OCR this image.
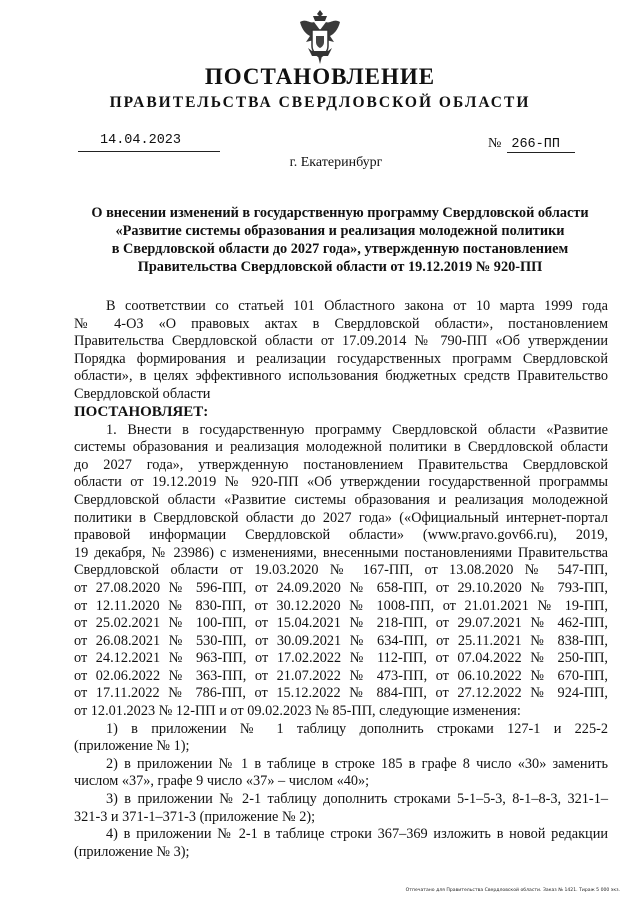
ПОСТАНОВЛЕНИЕ
ПРАВИТЕЛЬСТВА СВЕРДЛОВСКОЙ ОБЛАСТИ
14.04.2023	№ 266-ПП
г. Екатеринбург
О внесении изменений в государственную программу Свердловской области
«Развитие системы образования и реализация молодежной политики
в Свердловской области до 2027 года», утвержденную постановлением
Правительства Свердловской области от 19.12.2019 № 920-ПП
В соответствии со статьей 101 Областного закона от 10 марта 1999 года
№ 4-ОЗ «О правовых актах в Свердловской области», постановлением
Правительства Свердловской области от 17.09.2014 № 790-ПП «Об утверждении
Порядка формирования и реализации государственных программ Свердловской
области», в целях эффективного использования бюджетных средств Правительство
Свердловской области
ПОСТАНОВЛЯЕТ:
1. Внести в государственную программу Свердловской области «Развитие
системы образования и реализация молодежной политики в Свердловской области
до 2027 года», утвержденную постановлением Правительства Свердловской
области от 19.12.2019 № 920-ПП «Об утверждении государственной программы
Свердловской области «Развитие системы образования и реализация молодежной
политики в Свердловской области до 2027 года» («Официальный интернет-портал
правовой информации Свердловской области» (www.pravo.gov66.ru), 2019,
19 декабря, № 23986) с изменениями, внесенными постановлениями Правительства
Свердловской области от 19.03.2020 № 167-ПП, от 13.08.2020 № 547-ПП,
от 27.08.2020 № 596-ПП, от 24.09.2020 № 658-ПП, от 29.10.2020 № 793-ПП,
от 12.11.2020 № 830-ПП, от 30.12.2020 № 1008-ПП, от 21.01.2021 № 19-ПП,
от 25.02.2021 № 100-ПП, от 15.04.2021 № 218-ПП, от 29.07.2021 № 462-ПП,
от 26.08.2021 № 530-ПП, от 30.09.2021 № 634-ПП, от 25.11.2021 № 838-ПП,
от 24.12.2021 № 963-ПП, от 17.02.2022 № 112-ПП, от 07.04.2022 № 250-ПП,
от 02.06.2022 № 363-ПП, от 21.07.2022 № 473-ПП, от 06.10.2022 № 670-ПП,
от 17.11.2022 № 786-ПП, от 15.12.2022 № 884-ПП, от 27.12.2022 № 924-ПП,
от 12.01.2023 № 12-ПП и от 09.02.2023 № 85-ПП, следующие изменения:
1) в приложении № 1 таблицу дополнить строками 127-1 и 225-2
(приложение № 1);
2) в приложении № 1 в таблице в строке 185 в графе 8 число «30» заменить
числом «37», графе 9 число «37» – числом «40»;
3) в приложении № 2-1 таблицу дополнить строками 5-1–5-3, 8-1–8-3, 321-1–
321-3 и 371-1–371-3 (приложение № 2);
4) в приложении № 2-1 в таблице строки 367–369 изложить в новой редакции
(приложение № 3);
Отпечатано для Правительства Свердловской области. Заказ № 1421. Тираж 5 000 экз.
